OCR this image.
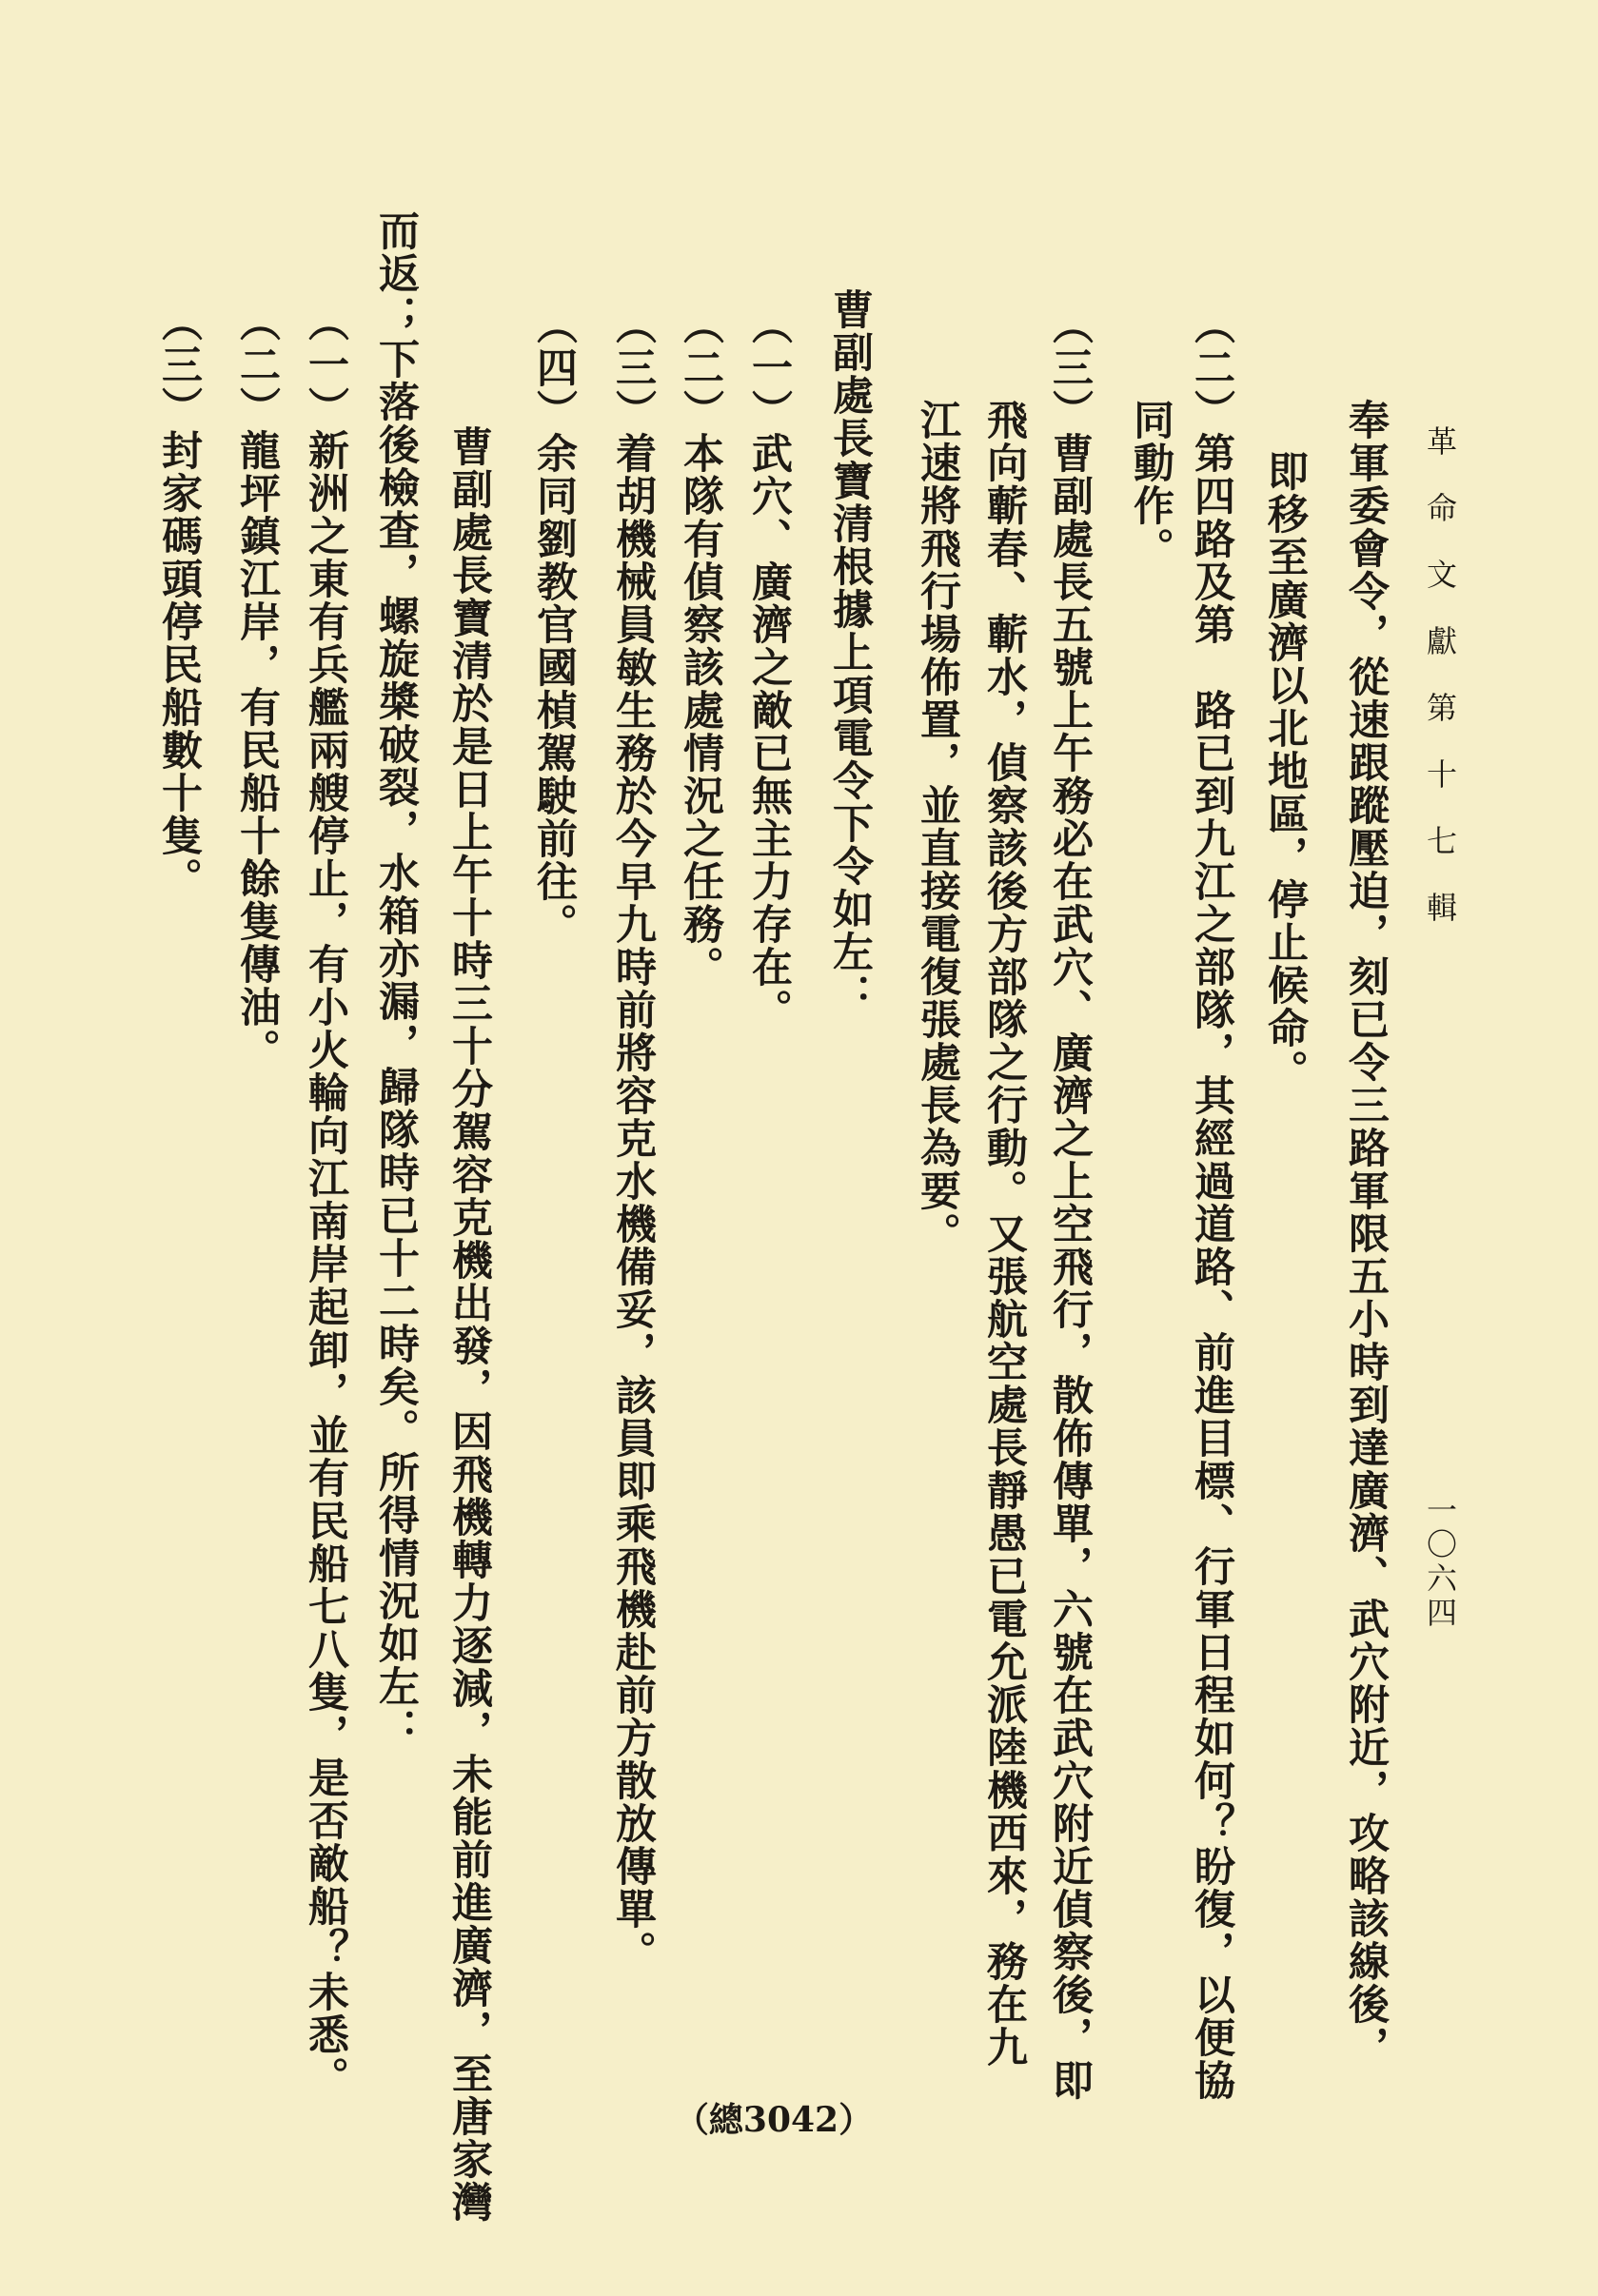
革命文獻第十七輯
一〇六四
奉軍委會令，從速跟蹤壓迫，刻已令三路軍限五小時到達廣濟、武穴附近，攻略該線後，
即移至廣濟以北地區，停止候命。
（二）第四路及第　路已到九江之部隊，其經過道路、前進目標、行軍日程如何？盼復，以便協
同動作。
（三）曹副處長五號上午務必在武穴、廣濟之上空飛行，散佈傳單，六號在武穴附近偵察後，即
飛向蘄春、蘄水，偵察該後方部隊之行動。又張航空處長靜愚已電允派陸機西來，務在九
江速將飛行場佈置，並直接電復張處長為要。
曹副處長寶清根據上項電令下令如左：
（一）武穴、廣濟之敵已無主力存在。
（二）本隊有偵察該處情況之任務。
（三）着胡機械員敏生務於今早九時前將容克水機備妥，該員即乘飛機赴前方散放傳單。
（四）余同劉教官國楨駕駛前往。
曹副處長寶清於是日上午十時三十分駕容克機出發，因飛機轉力逐減，未能前進廣濟，至唐家灣
而返；下落後檢查，螺旋槳破裂，水箱亦漏，歸隊時已十二時矣。所得情況如左：
（一）新洲之東有兵艦兩艘停止，有小火輪向江南岸起卸，並有民船七八隻，是否敵船？未悉。
（二）龍坪鎮江岸，有民船十餘隻傳油。
（三）封家碼頭停民船數十隻。
（總3042）
